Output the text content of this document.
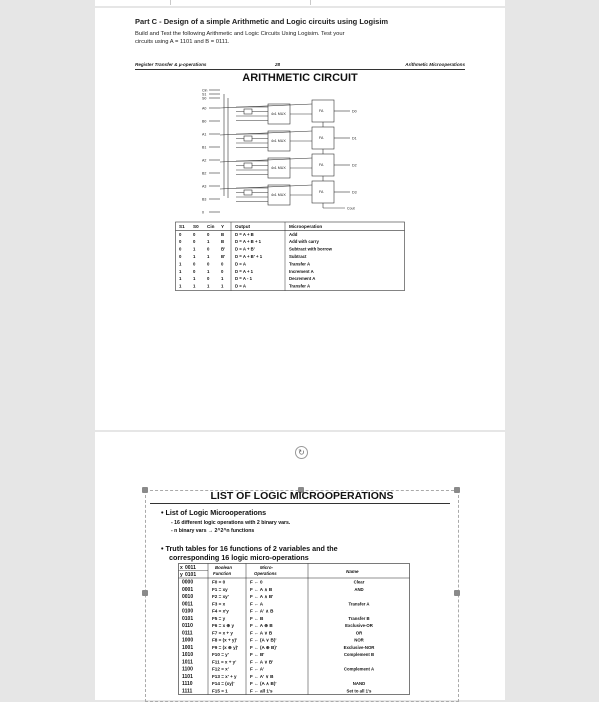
Part C - Design of a simple Arithmetic and Logic circuits using Logisim
Build and Test the following Arithmetic and Logic Circuits Using Logisim. Test your
circuits using A = 1101 and B = 0111.
Register Transfer & µ-operations	28	Arithmetic Microoperations
ARITHMETIC CIRCUIT
Cin
S1
S0
A0
B0
A1
B1
A2
B2
A3
B3
0
4x1 MUX
FA	D0
4x1 MUX
FA	D1
4x1 MUX
FA	D2
4x1 MUX
FA	D3
Cout
S1 S0 Cin Y Output	Microoperation
0	0	0	B	D = A + B	Add
0	0	1	B	D = A + B + 1	Add with carry
0	1	0	B' D = A + B'	Subtract with borrow
0	1	1	B' D = A + B' + 1	Subtract
1	0	0	0	D = A	Transfer A
1	0	1	0	D = A + 1	Increment A
1	1	0	1	D = A - 1	Decrement A
1	1	1	1	D = A	Transfer A
↻
LIST OF LOGIC MICROOPERATIONS
• List of Logic Microoperations
- 16 different logic operations with 2 binary vars.
- n binary vars → 2^2^n functions
• Truth tables for 16 functions of 2 variables and the
corresponding 16 logic micro-operations
x 0011
y 0101
Boolean
Function
Micro-
Operations	Name
0000	F0 = 0	F ← 0	Clear
0001	F1 = xy	F ← A ∧ B	AND
0010	F2 = xy'	F ← A ∧ B'
0011	F3 = x	F ← A	Transfer A
0100	F4 = x'y	F ← A' ∧ B
0101	F5 = y	F ← B	Transfer B
0110	F6 = x ⊕ y	F ← A ⊕ B	Exclusive-OR
0111	F7 = x + y	F ← A ∨ B	OR
1000	F8 = (x + y)'	F ← (A ∨ B)'	NOR
1001	F9 = (x ⊕ y)'	F ← (A ⊕ B)'	Exclusive-NOR
1010	F10 = y'	F ← B'	Complement B
1011	F11 = x + y'	F ← A ∨ B'
1100	F12 = x'	F ← A'	Complement A
1101	F13 = x' + y	F ← A' ∨ B
1110	F14 = (xy)'	F ← (A ∧ B)'	NAND
1111	F15 = 1	F ← all 1's	Set to all 1's
